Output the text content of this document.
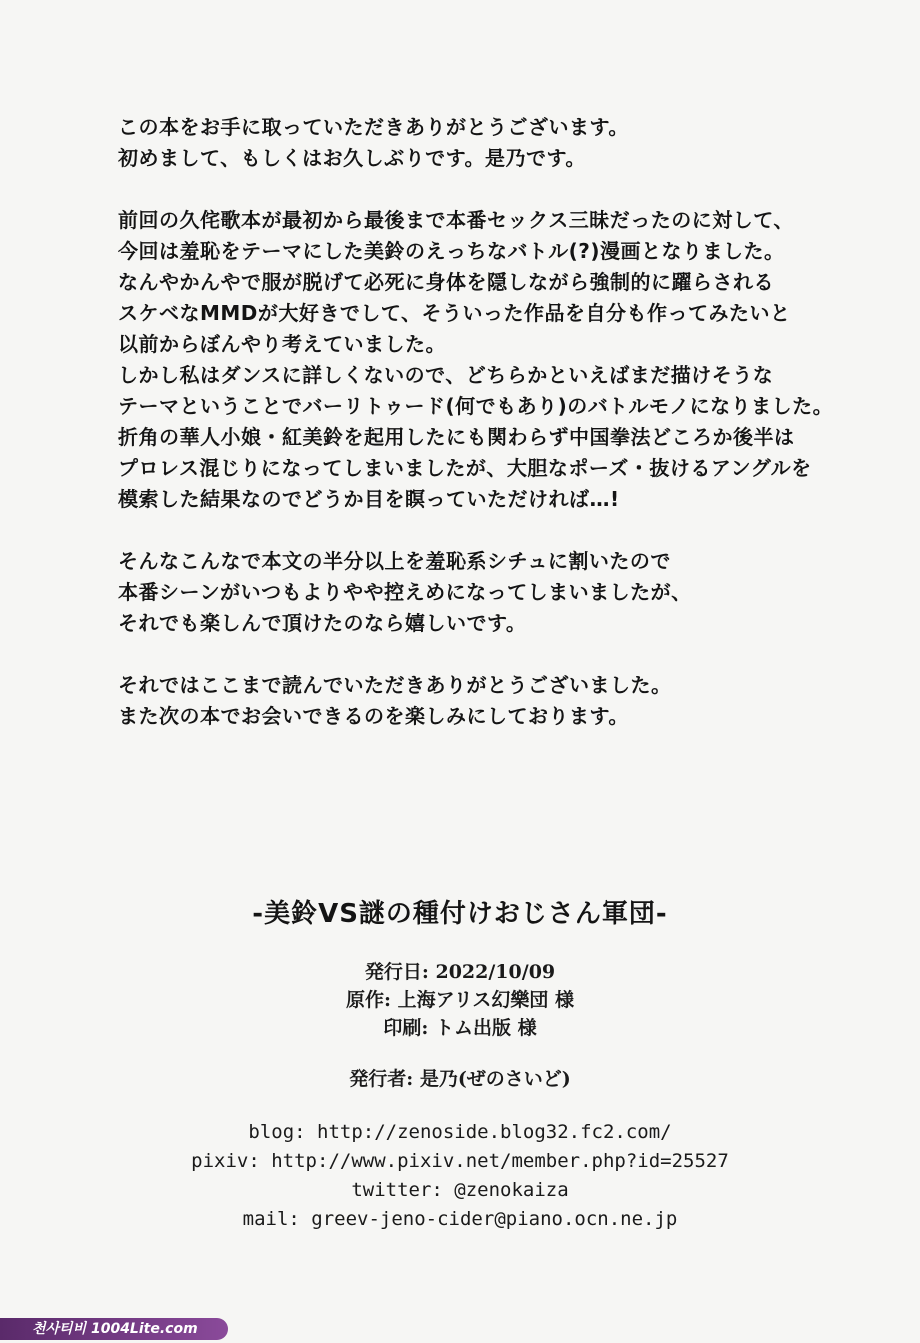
この本をお手に取っていただきありがとうございます。
初めまして、もしくはお久しぶりです。是乃です。
前回の久侘歌本が最初から最後まで本番セックス三昧だったのに対して、
今回は羞恥をテーマにした美鈴のえっちなバトル(?)漫画となりました。
なんやかんやで服が脱げて必死に身体を隠しながら強制的に躍らされる
スケベなMMDが大好きでして、そういった作品を自分も作ってみたいと
以前からぼんやり考えていました。
しかし私はダンスに詳しくないので、どちらかといえばまだ描けそうな
テーマということでバーリトゥード(何でもあり)のバトルモノになりました。
折角の華人小娘・紅美鈴を起用したにも関わらず中国拳法どころか後半は
プロレス混じりになってしまいましたが、大胆なポーズ・抜けるアングルを
模索した結果なのでどうか目を瞑っていただければ…!
そんなこんなで本文の半分以上を羞恥系シチュに割いたので
本番シーンがいつもよりやや控えめになってしまいましたが、
それでも楽しんで頂けたのなら嬉しいです。
それではここまで読んでいただきありがとうございました。
また次の本でお会いできるのを楽しみにしております。
-美鈴VS謎の種付けおじさん軍団-
発行日: 2022/10/09
原作: 上海アリス幻樂団 様
印刷: トム出版 様
発行者: 是乃(ぜのさいど)
blog: http://zenoside.blog32.fc2.com/
pixiv: http://www.pixiv.net/member.php?id=25527
twitter: @zenokaiza
mail: greev-jeno-cider@piano.ocn.ne.jp
천사티비 1004Lite.com
